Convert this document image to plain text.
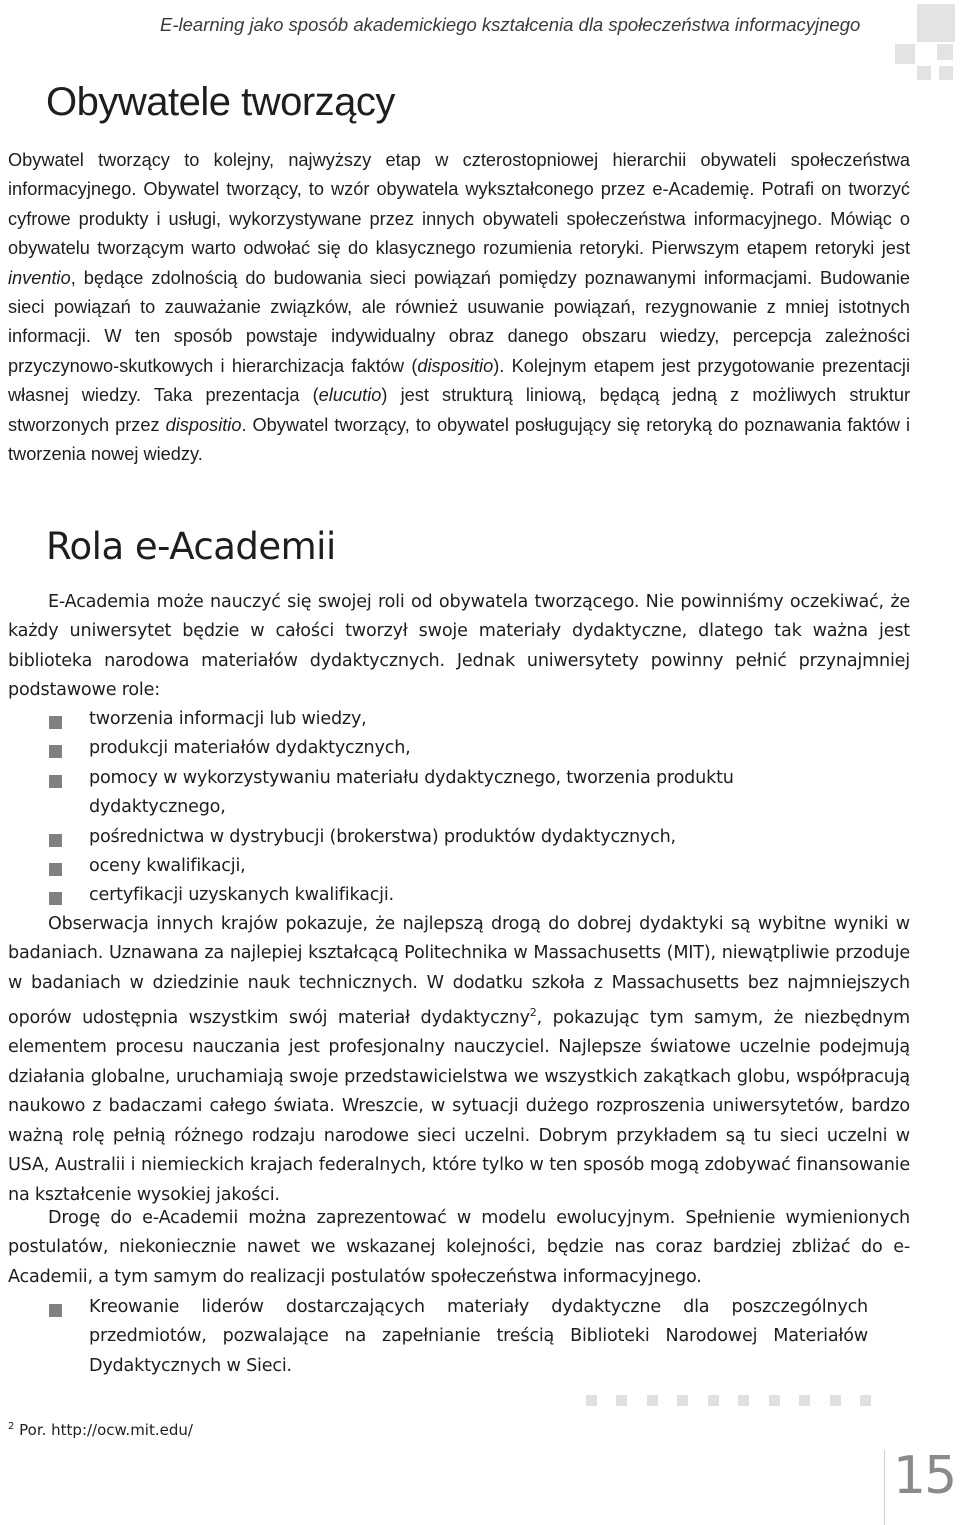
E-learning jako sposób akademickiego kształcenia dla społeczeństwa informacyjnego
Obywatele tworzący

Obywatel tworzący to kolejny, najwyższy etap w czterostopniowej hierarchii obywateli społeczeństwa informacyjnego. Obywatel tworzący, to wzór obywatela wykształconego przez e-Academię. Potrafi on tworzyć cyfrowe produkty i usługi, wykorzystywane przez innych obywateli społeczeństwa informacyjnego. Mówiąc o obywatelu tworzącym warto odwołać się do klasycznego rozumienia retoryki. Pierwszym etapem retoryki jest inventio, będące zdolnością do budowania sieci powiązań pomiędzy poznawanymi informacjami. Budowanie sieci powiązań to zauważanie związków, ale również usuwanie powiązań, rezygnowanie z mniej istotnych informacji. W ten sposób powstaje indywidualny obraz danego obszaru wiedzy, percepcja zależności przyczynowo-skutkowych i hierarchizacja faktów (dispositio). Kolejnym etapem jest przygotowanie prezentacji własnej wiedzy. Taka prezentacja (elucutio) jest strukturą liniową, będącą jedną z możliwych struktur stworzonych przez dispositio. Obywatel tworzący, to obywatel posługujący się retoryką do poznawania faktów i tworzenia nowej wiedzy.

Rola e-Academii

E-Academia może nauczyć się swojej roli od obywatela tworzącego. Nie powinniśmy oczekiwać, że każdy uniwersytet będzie w całości tworzył swoje materiały dydaktyczne, dlatego tak ważna jest biblioteka narodowa materiałów dydaktycznych. Jednak uniwersytety powinny pełnić przynajmniej podstawowe role:

tworzenia informacji lub wiedzy,
produkcji materiałów dydaktycznych,
pomocy w wykorzystywaniu materiału dydaktycznego, tworzenia produktu dydaktycznego,
pośrednictwa w dystrybucji (brokerstwa) produktów dydaktycznych,
oceny kwalifikacji,
certyfikacji uzyskanych kwalifikacji.

Obserwacja innych krajów pokazuje, że najlepszą drogą do dobrej dydaktyki są wybitne wyniki w badaniach. Uznawana za najlepiej kształcącą Politechnika w Massachusetts (MIT), niewątpliwie przoduje w badaniach w dziedzinie nauk technicznych. W dodatku szkoła z Massachusetts bez najmniejszych oporów udostępnia wszystkim swój materiał dydaktyczny$^2$, pokazując tym samym, że niezbędnym elementem procesu nauczania jest profesjonalny nauczyciel. Najlepsze światowe uczelnie podejmują działania globalne, uruchamiają swoje przedstawicielstwa we wszystkich zakątkach globu, współpracują naukowo z badaczami całego świata. Wreszcie, w sytuacji dużego rozproszenia uniwersytetów, bardzo ważną rolę pełnią różnego rodzaju narodowe sieci uczelni. Dobrym przykładem są tu sieci uczelni w USA, Australii i niemieckich krajach federalnych, które tylko w ten sposób mogą zdobywać finansowanie na kształcenie wysokiej jakości.

Drogę do e-Academii można zaprezentować w modelu ewolucyjnym. Spełnienie wymienionych postulatów, niekoniecznie nawet we wskazanej kolejności, będzie nas coraz bardziej zbliżać do e-Academii, a tym samym do realizacji postulatów społeczeństwa informacyjnego.

Kreowanie liderów dostarczających materiały dydaktyczne dla poszczególnych przedmiotów, pozwalające na zapełnianie treścią Biblioteki Narodowej Materiałów Dydaktycznych w Sieci.
$^2$ Por. http://ocw.mit.edu/
15
